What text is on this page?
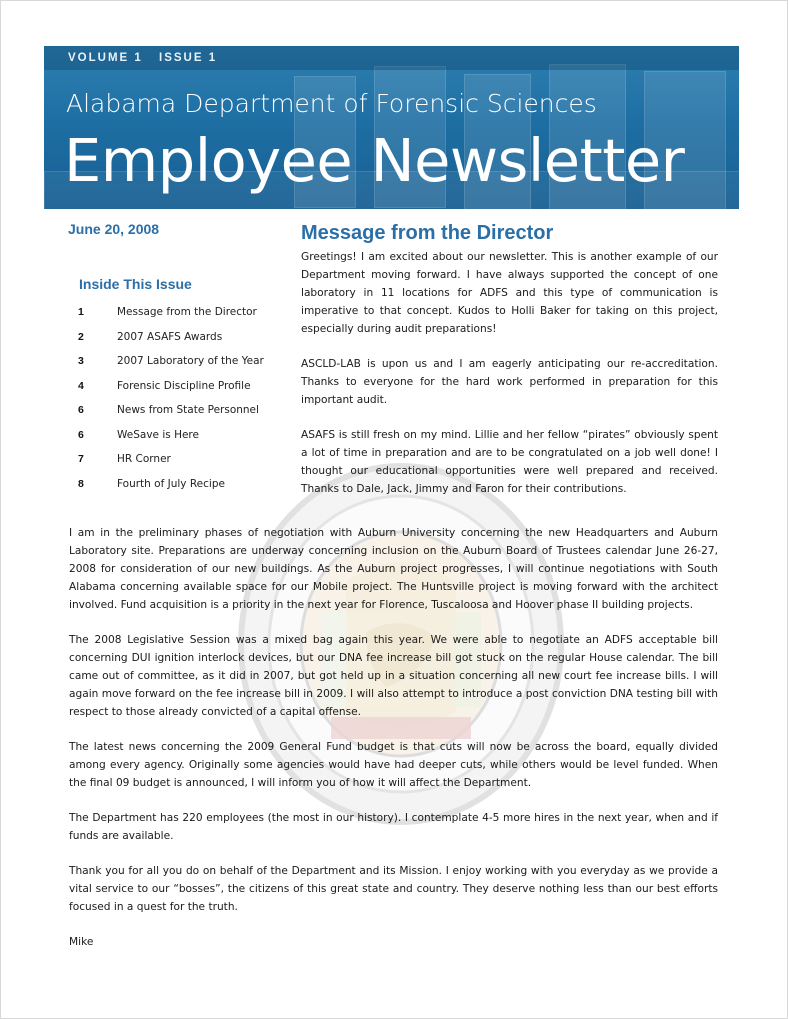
VOLUME 1 ISSUE 1
Alabama Department of Forensic Sciences
Employee Newsletter
June 20, 2008
Inside This Issue
1	Message from the Director
2	2007 ASAFS Awards
3	2007 Laboratory of the Year
4	Forensic Discipline Profile
6	News from State Personnel
6	WeSave is Here
7	HR Corner
8	Fourth of July Recipe
Message from the Director

Greetings! I am excited about our newsletter. This is another example of our Department moving forward. I have always supported the concept of one laboratory in 11 locations for ADFS and this type of communication is imperative to that concept. Kudos to Holli Baker for taking on this project, especially during audit preparations!

ASCLD-LAB is upon us and I am eagerly anticipating our re-accreditation. Thanks to everyone for the hard work performed in preparation for this important audit.

ASAFS is still fresh on my mind. Lillie and her fellow “pirates” obviously spent a lot of time in preparation and are to be congratulated on a job well done! I thought our educational opportunities were well prepared and received. Thanks to Dale, Jack, Jimmy and Faron for their contributions.

I am in the preliminary phases of negotiation with Auburn University concerning the new Headquarters and Auburn Laboratory site. Preparations are underway concerning inclusion on the Auburn Board of Trustees calendar June 26-27, 2008 for consideration of our new buildings. As the Auburn project progresses, I will continue negotiations with South Alabama concerning available space for our Mobile project. The Huntsville project is moving forward with the architect involved. Fund acquisition is a priority in the next year for Florence, Tuscaloosa and Hoover phase II building projects.

The 2008 Legislative Session was a mixed bag again this year. We were able to negotiate an ADFS acceptable bill concerning DUI ignition interlock devices, but our DNA fee increase bill got stuck on the regular House calendar. The bill came out of committee, as it did in 2007, but got held up in a situation concerning all new court fee increase bills. I will again move forward on the fee increase bill in 2009. I will also attempt to introduce a post conviction DNA testing bill with respect to those already convicted of a capital offense.

The latest news concerning the 2009 General Fund budget is that cuts will now be across the board, equally divided among every agency. Originally some agencies would have had deeper cuts, while others would be level funded. When the final 09 budget is announced, I will inform you of how it will affect the Department.

The Department has 220 employees (the most in our history). I contemplate 4-5 more hires in the next year, when and if funds are available.

Thank you for all you do on behalf of the Department and its Mission. I enjoy working with you everyday as we provide a vital service to our “bosses”, the citizens of this great state and country. They deserve nothing less than our best efforts focused in a quest for the truth.

Mike
